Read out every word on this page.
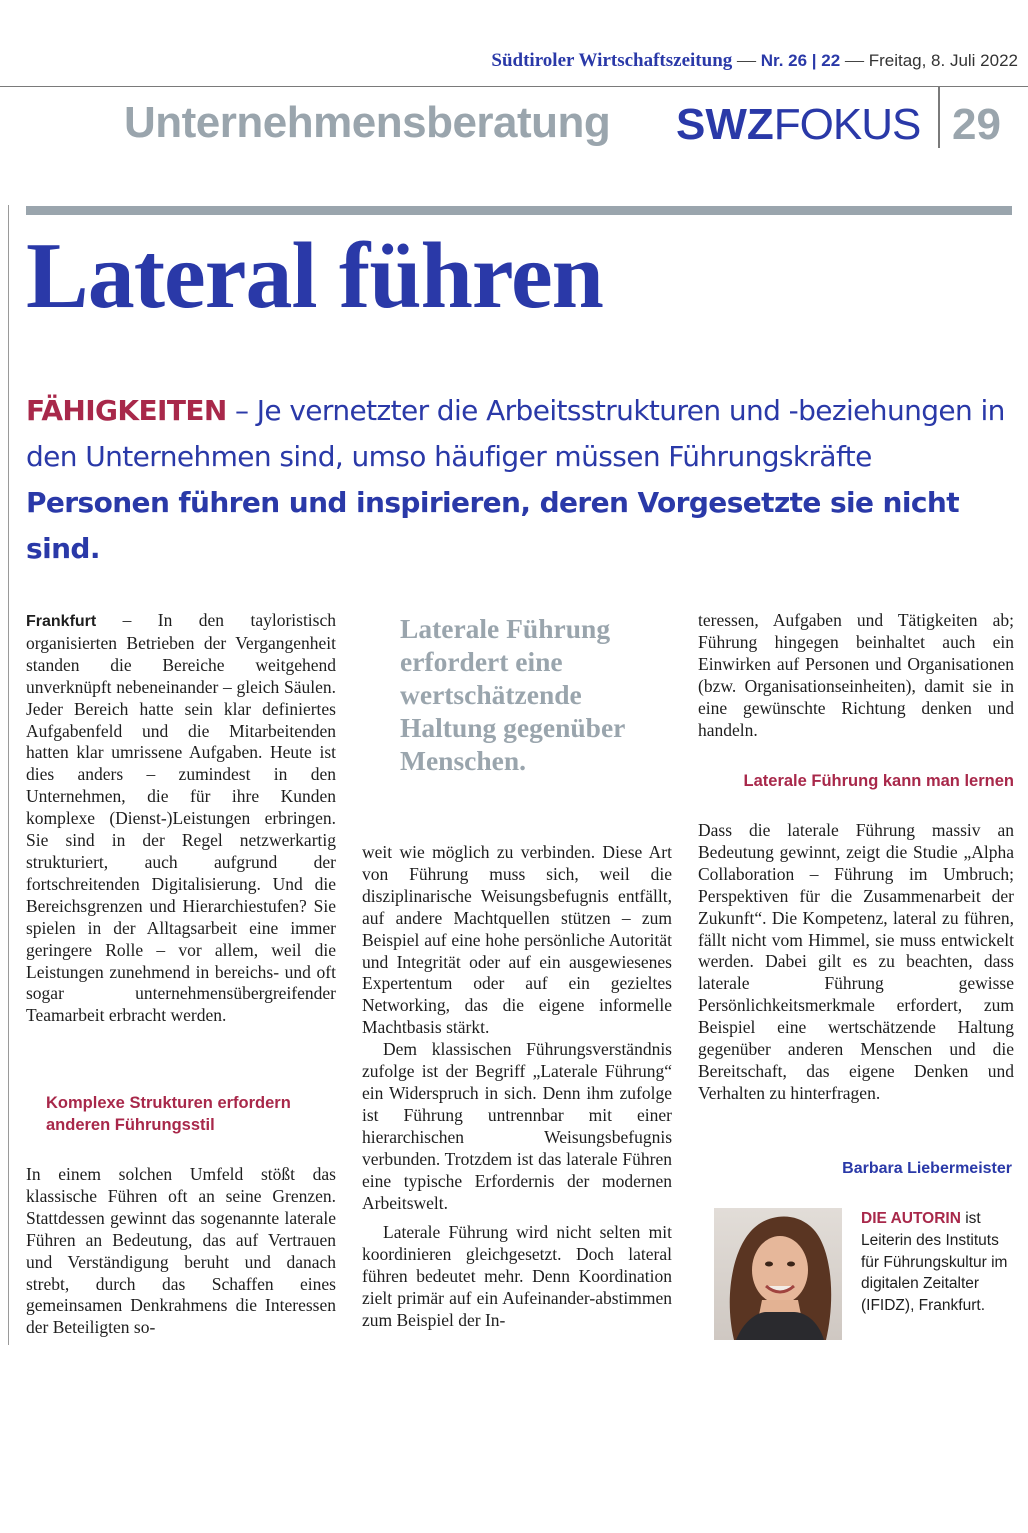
Südtiroler Wirtschaftszeitung — Nr. 26 | 22 — Freitag, 8. Juli 2022
Unternehmensberatung SWZFOKUS 29
Lateral führen
FÄHIGKEITEN – Je vernetzter die Arbeitsstrukturen und -beziehungen in den Unternehmen sind, umso häufiger müssen Führungskräfte Personen führen und inspirieren, deren Vorgesetzte sie nicht sind.

Frankfurt – In den tayloristisch organisierten Betrieben der Vergangenheit standen die Bereiche weitgehend unverknüpft nebeneinander – gleich Säulen. Jeder Bereich hatte sein klar definiertes Aufgabenfeld und die Mitarbeitenden hatten klar umrissene Aufgaben. Heute ist dies anders – zumindest in den Unternehmen, die für ihre Kunden komplexe (Dienst-)Leistungen erbringen. Sie sind in der Regel netzwerkartig strukturiert, auch aufgrund der fortschreitenden Digitalisierung. Und die Bereichsgrenzen und Hierarchiestufen? Sie spielen in der Alltagsarbeit eine immer geringere Rolle – vor allem, weil die Leistungen zunehmend in bereichs- und oft sogar unternehmensübergreifender Teamarbeit erbracht werden.

Komplexe Strukturen erfordern anderen Führungsstil

In einem solchen Umfeld stößt das klassische Führen oft an seine Grenzen. Stattdessen gewinnt das sogenannte laterale Führen an Bedeutung, das auf Vertrauen und Verständigung beruht und danach strebt, durch das Schaffen eines gemeinsamen Denkrahmens die Interessen der Beteiligten so-

Laterale Führung erfordert eine wertschätzende Haltung gegenüber Menschen.

weit wie möglich zu verbinden. Diese Art von Führung muss sich, weil die disziplinarische Weisungsbefugnis entfällt, auf andere Machtquellen stützen – zum Beispiel auf eine hohe persönliche Autorität und Integrität oder auf ein ausgewiesenes Expertentum oder auf ein gezieltes Networking, das die eigene informelle Machtbasis stärkt.

Dem klassischen Führungsverständnis zufolge ist der Begriff „Laterale Führung“ ein Widerspruch in sich. Denn ihm zufolge ist Führung untrennbar mit einer hierarchischen Weisungsbefugnis verbunden. Trotzdem ist das laterale Führen eine typische Erfordernis der modernen Arbeitswelt.

Laterale Führung wird nicht selten mit koordinieren gleichgesetzt. Doch lateral führen bedeutet mehr. Denn Koordination zielt primär auf ein Aufeinander-abstimmen zum Beispiel der In-

teressen, Aufgaben und Tätigkeiten ab; Führung hingegen beinhaltet auch ein Einwirken auf Personen und Organisationen (bzw. Organisationseinheiten), damit sie in eine gewünschte Richtung denken und handeln.

Laterale Führung kann man lernen

Dass die laterale Führung massiv an Bedeutung gewinnt, zeigt die Studie „Alpha Collaboration – Führung im Umbruch; Perspektiven für die Zusammenarbeit der Zukunft“. Die Kompetenz, lateral zu führen, fällt nicht vom Himmel, sie muss entwickelt werden. Dabei gilt es zu beachten, dass laterale Führung gewisse Persönlichkeitsmerkmale erfordert, zum Beispiel eine wertschätzende Haltung gegenüber anderen Menschen und die Bereitschaft, das eigene Denken und Verhalten zu hinterfragen.

Barbara Liebermeister
DIE AUTORIN ist Leiterin des Instituts für Führungskultur im digitalen Zeitalter (IFIDZ), Frankfurt.
